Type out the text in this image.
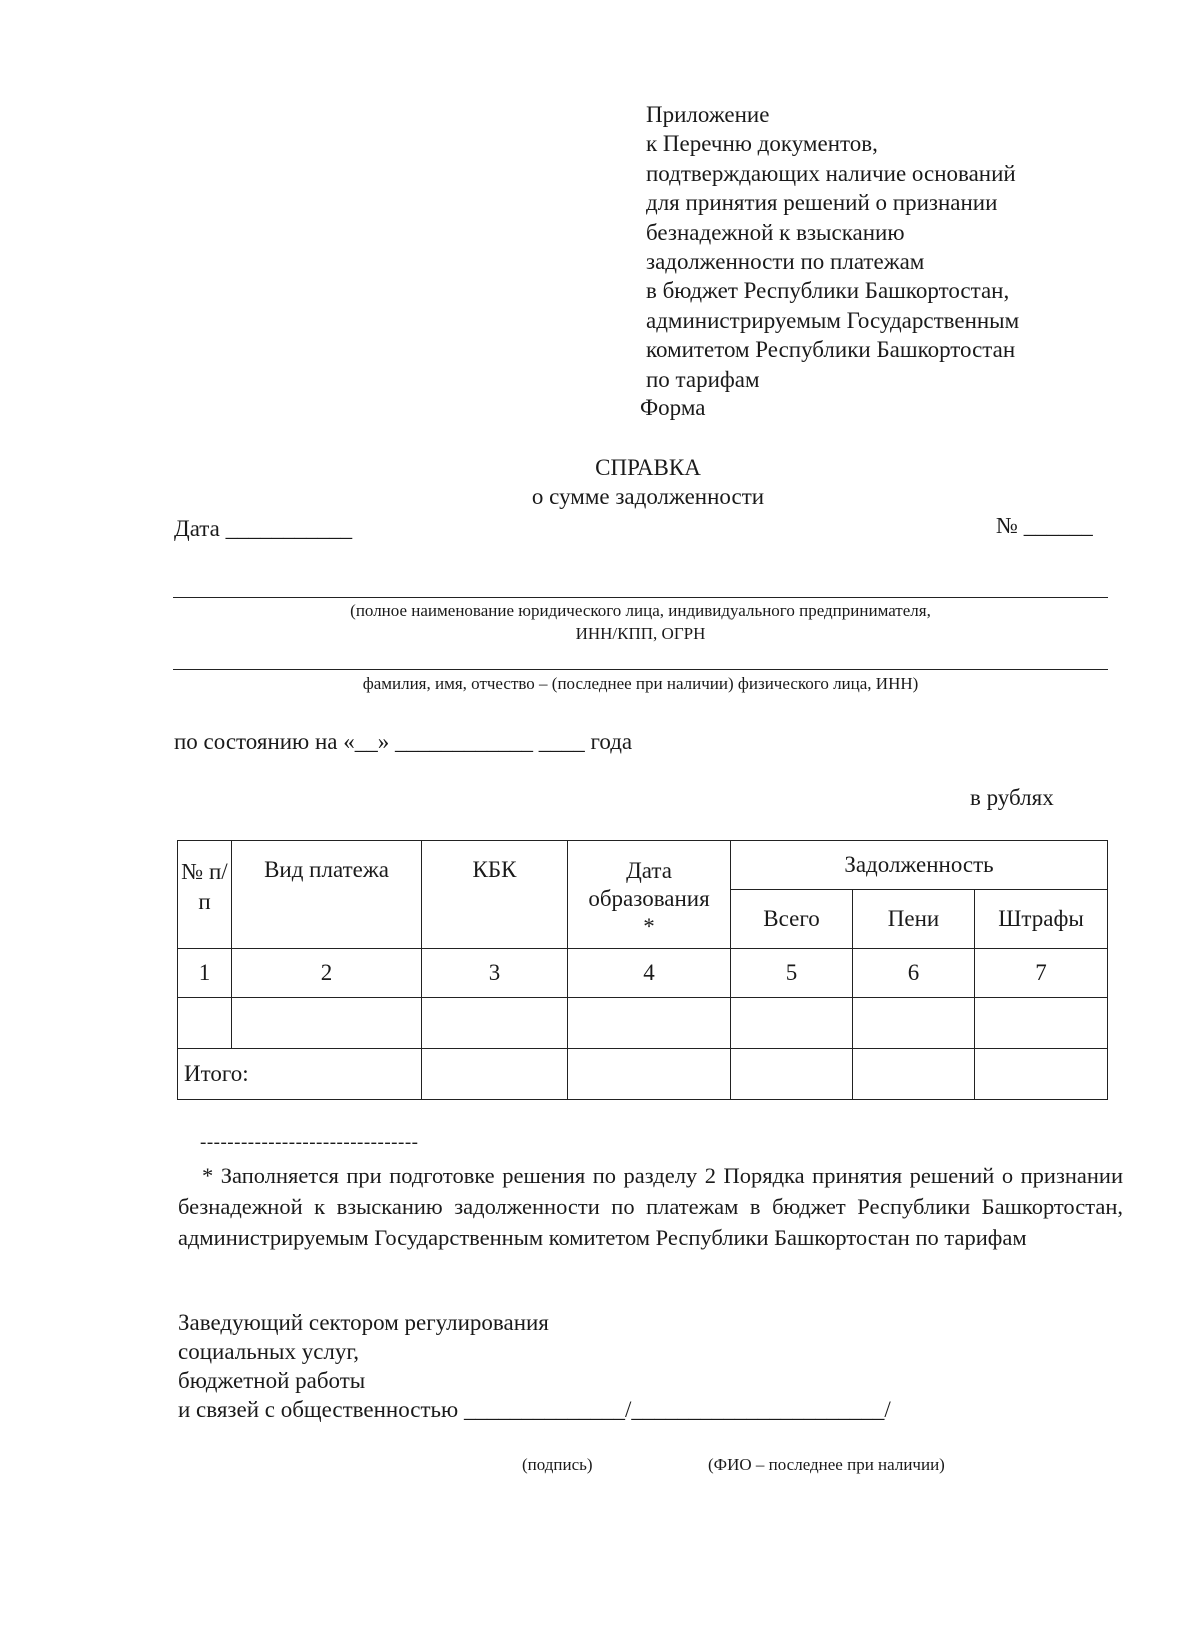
Приложение
к Перечню документов,
подтверждающих наличие оснований
для принятия решений о признании
безнадежной к взысканию
задолженности по платежам
в бюджет Республики Башкортостан,
администрируемым Государственным
комитетом Республики Башкортостан
по тарифам
Форма
СПРАВКА
о сумме задолженности
Дата ___________	№ ______
(полное наименование юридического лица, индивидуального предпринимателя,
ИНН/КПП, ОГРН
фамилия, имя, отчество – (последнее при наличии) физического лица, ИНН)
по состоянию на «__» ____________ ____ года
в рублях
№ п/п	Вид платежа	КБК	Дата образования *	Задолженность		
				Всего	Пени	Штрафы
1	2	3	4	5	6	7

Итого:						
--------------------------------
* Заполняется при подготовке решения по разделу 2 Порядка принятия решений о признании безнадежной к взысканию задолженности по платежам в бюджет Республики Башкортостан, администрируемым Государственным комитетом Республики Башкортостан по тарифам
Заведующий сектором регулирования
социальных услуг,
бюджетной работы
и связей с общественностью ______________/______________________/
(подпись)	(ФИО – последнее при наличии)
